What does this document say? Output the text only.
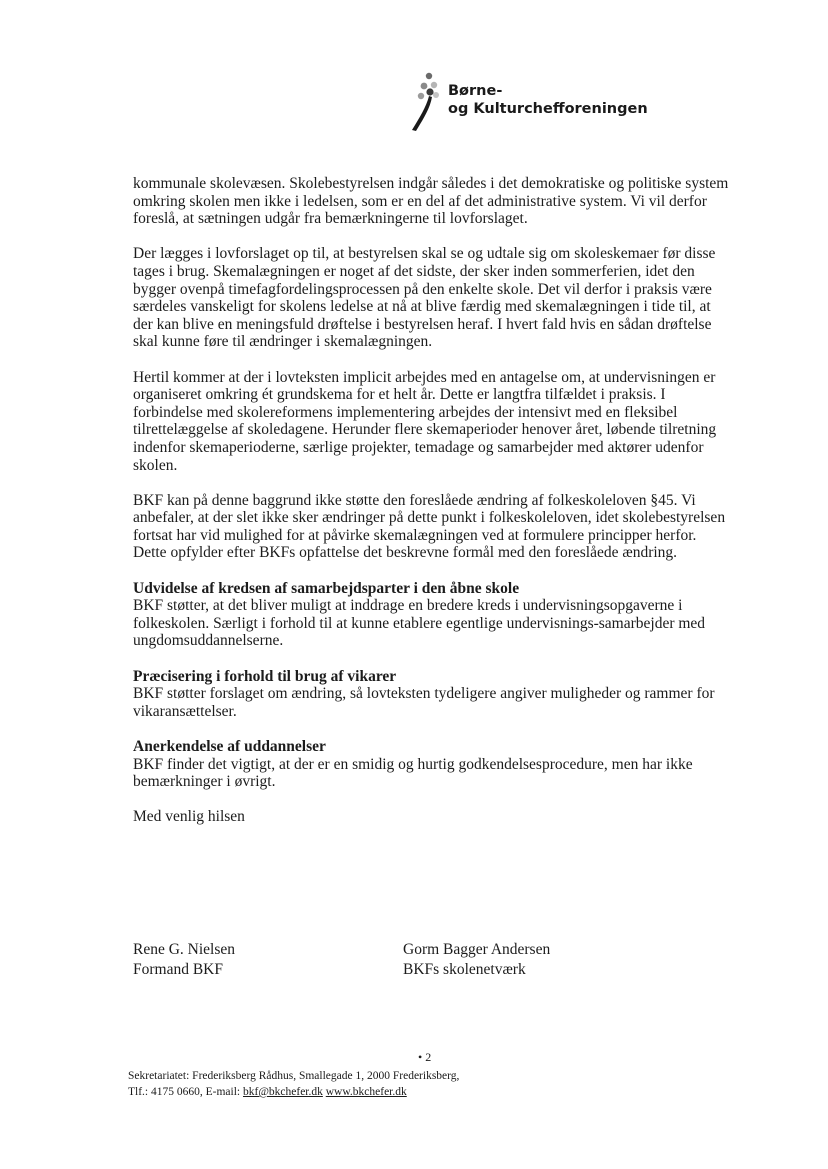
Børne-
og Kulturchefforeningen

kommunale skolevæsen. Skolebestyrelsen indgår således i det demokratiske og politiske system omkring skolen men ikke i ledelsen, som er en del af det administrative system. Vi vil derfor foreslå, at sætningen udgår fra bemærkningerne til lovforslaget.

Der lægges i lovforslaget op til, at bestyrelsen skal se og udtale sig om skoleskemaer før disse tages i brug. Skemalægningen er noget af det sidste, der sker inden sommerferien, idet den bygger ovenpå timefagfordelingsprocessen på den enkelte skole. Det vil derfor i praksis være særdeles vanskeligt for skolens ledelse at nå at blive færdig med skemalægningen i tide til, at der kan blive en meningsfuld drøftelse i bestyrelsen heraf. I hvert fald hvis en sådan drøftelse skal kunne føre til ændringer i skemalægningen.

Hertil kommer at der i lovteksten implicit arbejdes med en antagelse om, at undervisningen er organiseret omkring ét grundskema for et helt år. Dette er langtfra tilfældet i praksis. I forbindelse med skolereformens implementering arbejdes der intensivt med en fleksibel tilrettelæggelse af skoledagene. Herunder flere skemaperioder henover året, løbende tilretning indenfor skemaperioderne, særlige projekter, temadage og samarbejder med aktører udenfor skolen.

BKF kan på denne baggrund ikke støtte den foreslåede ændring af folkeskoleloven §45. Vi anbefaler, at der slet ikke sker ændringer på dette punkt i folkeskoleloven, idet skolebestyrelsen fortsat har vid mulighed for at påvirke skemalægningen ved at formulere principper herfor. Dette opfylder efter BKFs opfattelse det beskrevne formål med den foreslåede ændring.

Udvidelse af kredsen af samarbejdsparter i den åbne skole

BKF støtter, at det bliver muligt at inddrage en bredere kreds i undervisningsopgaverne i folkeskolen. Særligt i forhold til at kunne etablere egentlige undervisnings-samarbejder med ungdomsuddannelserne.

Præcisering i forhold til brug af vikarer

BKF støtter forslaget om ændring, så lovteksten tydeligere angiver muligheder og rammer for vikaransættelser.

Anerkendelse af uddannelser

BKF finder det vigtigt, at der er en smidig og hurtig godkendelsesprocedure, men har ikke bemærkninger i øvrigt.

Med venlig hilsen

Rene G. Nielsen
Formand BKF
Gorm Bagger Andersen
BKFs skolenetværk
• 2
Sekretariatet: Frederiksberg Rådhus, Smallegade 1, 2000 Frederiksberg,
Tlf.: 4175 0660, E-mail: bkf@bkchefer.dk www.bkchefer.dk
